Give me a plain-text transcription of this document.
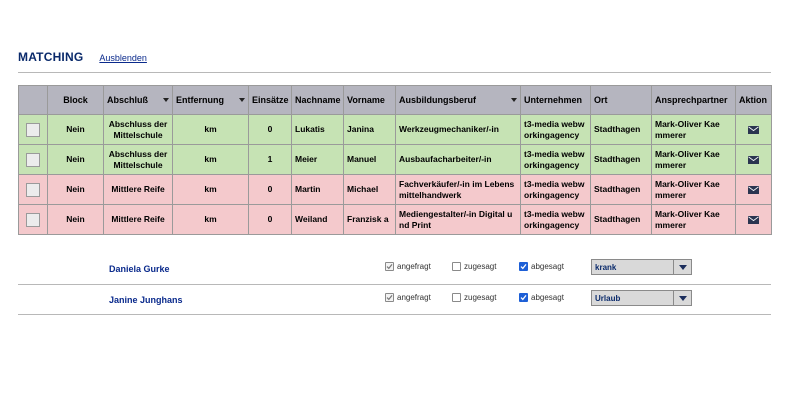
MATCHING Ausblenden
	Block	Abschluß	Entfernung	Einsätze	Nachname	Vorname	Ausbildungsberuf	Unternehmen	Ort	Ansprechpartner	Aktion

	Nein	Abschluss der Mittelschule	km	0	Lukatis	Janina	Werkzeugmechaniker/-in	t3-media webw orkingagency	Stadthagen	Mark-Oliver Kae mmerer	

	Nein	Abschluss der Mittelschule	km	1	Meier	Manuel	Ausbaufacharbeiter/-in	t3-media webw orkingagency	Stadthagen	Mark-Oliver Kae mmerer	

	Nein	Mittlere Reife	km	0	Martin	Michael	Fachverkäufer/-in im Lebens mittelhandwerk	t3-media webw orkingagency	Stadthagen	Mark-Oliver Kae mmerer	

	Nein	Mittlere Reife	km	0	Weiland	Franzisk a	Mediengestalter/-in Digital u nd Print	t3-media webw orkingagency	Stadthagen	Mark-Oliver Kae mmerer	
Daniela Gurke	angefragt	zugesagt	abgesagt	krank
Janine Junghans	angefragt	zugesagt	abgesagt	Urlaub
